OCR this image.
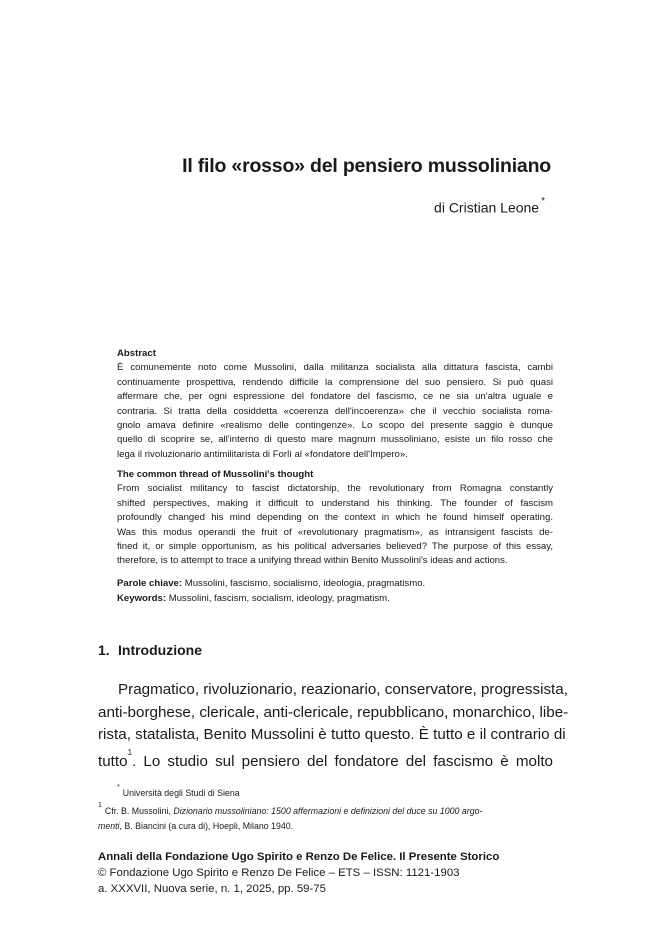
Il filo «rosso» del pensiero mussoliniano
di Cristian Leone *
Abstract
È comunemente noto come Mussolini, dalla militanza socialista alla dittatura fascista, cambi
continuamente prospettiva, rendendo difficile la comprensione del suo pensiero. Si può quasi
affermare che, per ogni espressione del fondatore del fascismo, ce ne sia un'altra uguale e
contraria. Si tratta della cosiddetta «coerenza dell'incoerenza» che il vecchio socialista roma-
gnolo amava definire «realismo delle contingenze». Lo scopo del presente saggio è dunque
quello di scoprire se, all'interno di questo mare magnum mussoliniano, esiste un filo rosso che
lega il rivoluzionario antimilitarista di Forlì al «fondatore dell'Impero».
The common thread of Mussolini's thought
From socialist militancy to fascist dictatorship, the revolutionary from Romagna constantly
shifted perspectives, making it difficult to understand his thinking. The founder of fascism
profoundly changed his mind depending on the context in which he found himself operating.
Was this modus operandi the fruit of «revolutionary pragmatism», as intransigent fascists de-
fined it, or simple opportunism, as his political adversaries believed? The purpose of this essay,
therefore, is to attempt to trace a unifying thread within Benito Mussolini's ideas and actions.
Parole chiave: Mussolini, fascismo, socialismo, ideologia, pragmatismo.
Keywords: Mussolini, fascism, socialism, ideology, pragmatism.
1. Introduzione
Pragmatico, rivoluzionario, reazionario, conservatore, progressista,
anti-borghese, clericale, anti-clericale, repubblicano, monarchico, libe-
rista, statalista, Benito Mussolini è tutto questo. È tutto e il contrario di
tutto$^1$. Lo studio sul pensiero del fondatore del fascismo è molto
*Università degli Studi di Siena
$^1$Cfr. B. Mussolini, Dizionario mussoliniano: 1500 affermazioni e definizioni del duce su 1000 argo-
menti, B. Biancini (a cura di), Hoepli, Milano 1940.
Annali della Fondazione Ugo Spirito e Renzo De Felice. Il Presente Storico
© Fondazione Ugo Spirito e Renzo De Felice – ETS – ISSN: 1121-1903
a. XXXVII, Nuova serie, n. 1, 2025, pp. 59-75
